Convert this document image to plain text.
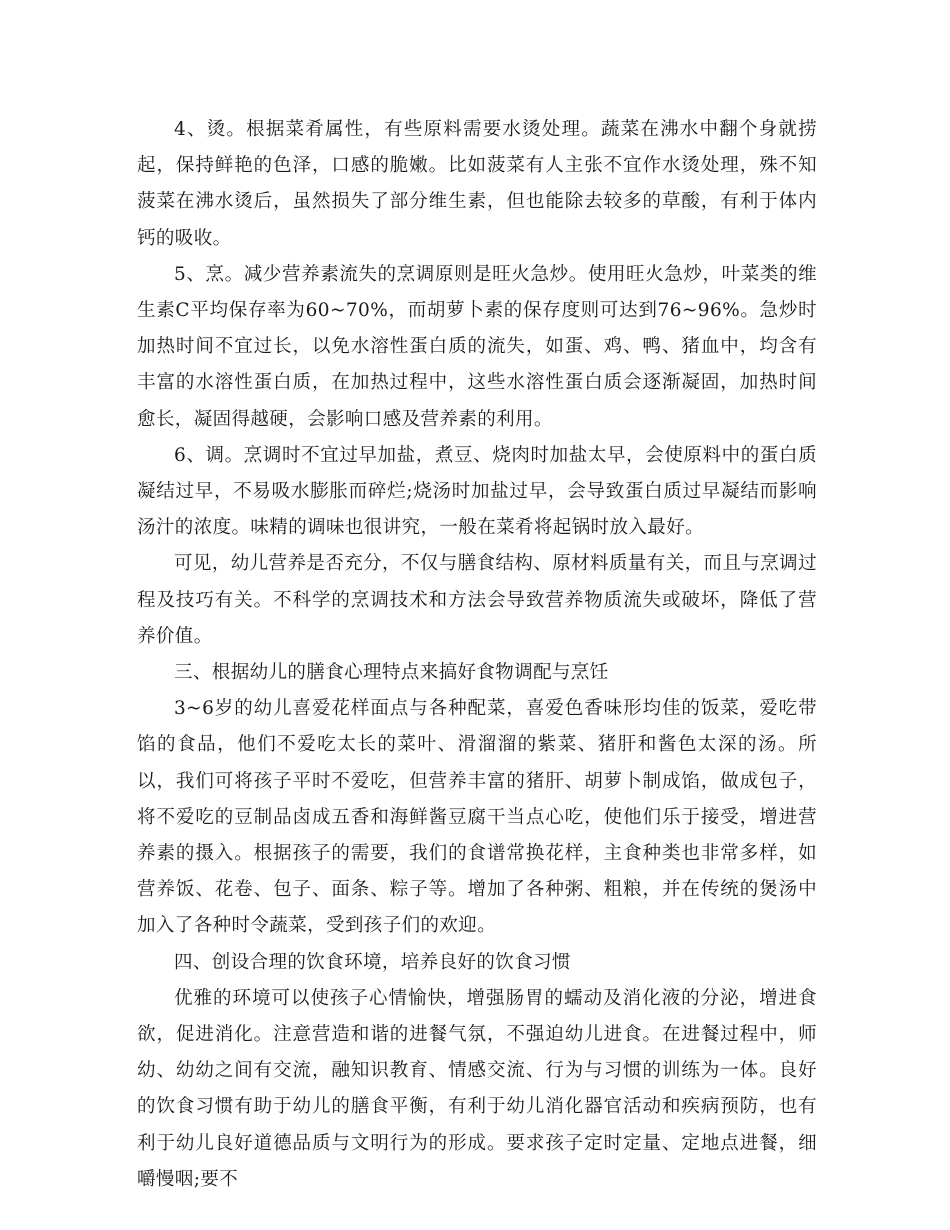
4、烫。根据菜肴属性，有些原料需要水烫处理。蔬菜在沸水中翻个身就捞起，保持鲜艳的色泽，口感的脆嫩。比如菠菜有人主张不宜作水烫处理，殊不知菠菜在沸水烫后，虽然损失了部分维生素，但也能除去较多的草酸，有利于体内钙的吸收。

5、烹。减少营养素流失的烹调原则是旺火急炒。使用旺火急炒，叶菜类的维生素C平均保存率为60~70%，而胡萝卜素的保存度则可达到76~96%。急炒时加热时间不宜过长，以免水溶性蛋白质的流失，如蛋、鸡、鸭、猪血中，均含有丰富的水溶性蛋白质，在加热过程中，这些水溶性蛋白质会逐渐凝固，加热时间愈长，凝固得越硬，会影响口感及营养素的利用。

6、调。烹调时不宜过早加盐，煮豆、烧肉时加盐太早，会使原料中的蛋白质凝结过早，不易吸水膨胀而碎烂;烧汤时加盐过早，会导致蛋白质过早凝结而影响汤汁的浓度。味精的调味也很讲究，一般在菜肴将起锅时放入最好。

可见，幼儿营养是否充分，不仅与膳食结构、原材料质量有关，而且与烹调过程及技巧有关。不科学的烹调技术和方法会导致营养物质流失或破坏，降低了营养价值。

三、根据幼儿的膳食心理特点来搞好食物调配与烹饪

3~6岁的幼儿喜爱花样面点与各种配菜，喜爱色香味形均佳的饭菜，爱吃带馅的食品，他们不爱吃太长的菜叶、滑溜溜的紫菜、猪肝和酱色太深的汤。所以，我们可将孩子平时不爱吃，但营养丰富的猪肝、胡萝卜制成馅，做成包子，将不爱吃的豆制品卤成五香和海鲜酱豆腐干当点心吃，使他们乐于接受，增进营养素的摄入。根据孩子的需要，我们的食谱常换花样，主食种类也非常多样，如营养饭、花卷、包子、面条、粽子等。增加了各种粥、粗粮，并在传统的煲汤中加入了各种时令蔬菜，受到孩子们的欢迎。

四、创设合理的饮食环境，培养良好的饮食习惯

优雅的环境可以使孩子心情愉快，增强肠胃的蠕动及消化液的分泌，增进食欲，促进消化。注意营造和谐的进餐气氛，不强迫幼儿进食。在进餐过程中，师幼、幼幼之间有交流，融知识教育、情感交流、行为与习惯的训练为一体。良好的饮食习惯有助于幼儿的膳食平衡，有利于幼儿消化器官活动和疾病预防，也有利于幼儿良好道德品质与文明行为的形成。要求孩子定时定量、定地点进餐，细嚼慢咽;要不
